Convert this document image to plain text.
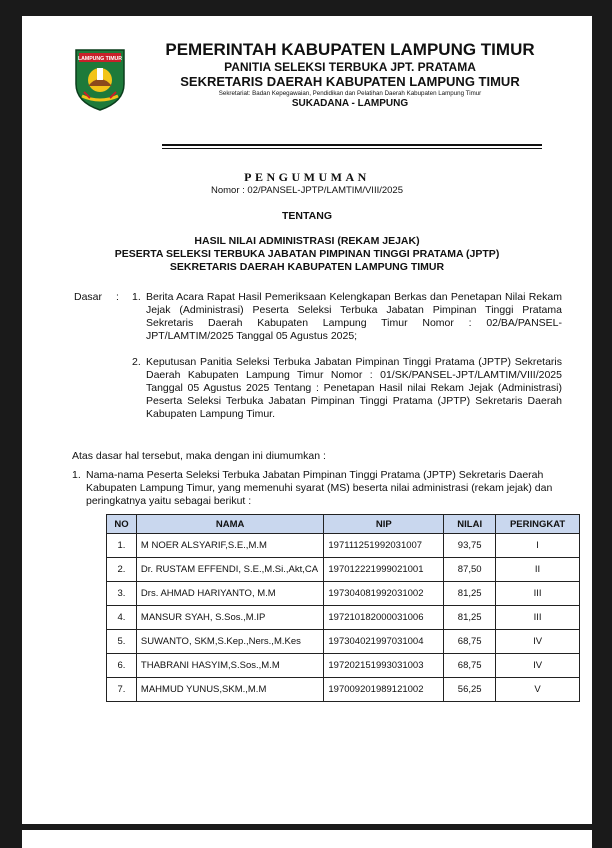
LAMPUNG TIMUR	PEMERINTAH KABUPATEN LAMPUNG TIMUR
PANITIA SELEKSI TERBUKA JPT. PRATAMA
SEKRETARIS DAERAH KABUPATEN LAMPUNG TIMUR
Sekretariat: Badan Kepegawaian, Pendidikan dan Pelatihan Daerah Kabupaten Lampung Timur
SUKADANA - LAMPUNG
PENGUMUMAN
Nomor : 02/PANSEL-JPTP/LAMTIM/VIII/2025
TENTANG
HASIL NILAI ADMINISTRASI (REKAM JEJAK)
PESERTA SELEKSI TERBUKA JABATAN PIMPINAN TINGGI PRATAMA (JPTP)
SEKRETARIS DAERAH KABUPATEN LAMPUNG TIMUR
Dasar : 1. Berita Acara Rapat Hasil Pemeriksaan Kelengkapan Berkas dan Penetapan Nilai Rekam Jejak (Administrasi) Peserta Seleksi Terbuka Jabatan Pimpinan Tinggi Pratama Sekretaris Daerah Kabupaten Lampung Timur Nomor : 02/BA/PANSEL-JPT/LAMTIM/2025 Tanggal 05 Agustus 2025;
2. Keputusan Panitia Seleksi Terbuka Jabatan Pimpinan Tinggi Pratama (JPTP) Sekretaris Daerah Kabupaten Lampung Timur Nomor : 01/SK/PANSEL-JPT/LAMTIM/VIII/2025 Tanggal 05 Agustus 2025 Tentang : Penetapan Hasil nilai Rekam Jejak (Administrasi) Peserta Seleksi Terbuka Jabatan Pimpinan Tinggi Pratama (JPTP) Sekretaris Daerah Kabupaten Lampung Timur.
Atas dasar hal tersebut, maka dengan ini diumumkan :
1. Nama-nama Peserta Seleksi Terbuka Jabatan Pimpinan Tinggi Pratama (JPTP) Sekretaris Daerah Kabupaten Lampung Timur, yang memenuhi syarat (MS) beserta nilai administrasi (rekam jejak) dan peringkatnya yaitu sebagai berikut :
NO	NAMA	NIP	NILAI	PERINGKAT
1.	M NOER ALSYARIF,S.E.,M.M	197111251992031007	93,75	I
2.	Dr. RUSTAM EFFENDI, S.E.,M.Si.,Akt,CA	197012221999021001	87,50	II
3.	Drs. AHMAD HARIYANTO, M.M	197304081992031002	81,25	III
4.	MANSUR SYAH, S.Sos.,M.IP	197210182000031006	81,25	III
5.	SUWANTO, SKM,S.Kep.,Ners.,M.Kes	197304021997031004	68,75	IV
6.	THABRANI HASYIM,S.Sos.,M.M	197202151993031003	68,75	IV
7.	MAHMUD YUNUS,SKM.,M.M	197009201989121002	56,25	V
